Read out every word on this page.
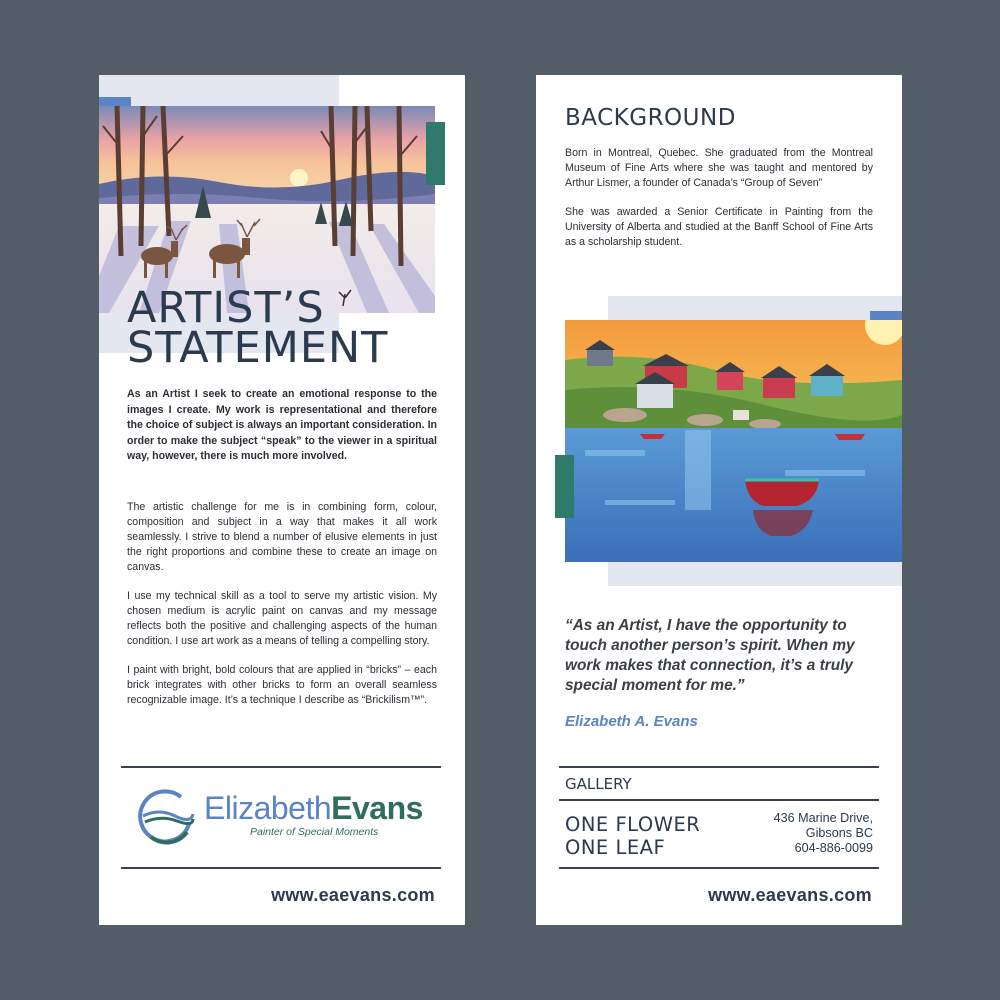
ARTIST’S
STATEMENT
As an Artist I seek to create an emotional response to the images I create. My work is representational and therefore the choice of subject is always an important consideration. In order to make the subject “speak” to the viewer in a spiritual way, however, there is much more involved.

The artistic challenge for me is in combining form, colour, composition and subject in a way that makes it all work seamlessly. I strive to blend a number of elusive elements in just the right proportions and combine these to create an image on canvas.

I use my technical skill as a tool to serve my artistic vision. My chosen medium is acrylic paint on canvas and my message reflects both the positive and challenging aspects of the human condition. I use art work as a means of telling a compelling story.

I paint with bright, bold colours that are applied in “bricks” – each brick integrates with other bricks to form an overall seamless recognizable image. It’s a technique I describe as “Brickilism™”.

ElizabethEvans
Painter of Special Moments
www.eaevans.com
BACKGROUND

Born in Montreal, Quebec. She graduated from the Montreal Museum of Fine Arts where she was taught and mentored by Arthur Lismer, a founder of Canada’s “Group of Seven”

She was awarded a Senior Certificate in Painting from the University of Alberta and studied at the Banff School of Fine Arts as a scholarship student.

“As an Artist, I have the opportunity to touch another person’s spirit. When my work makes that connection, it’s a truly special moment for me.”
Elizabeth A. Evans
GALLERY
ONE FLOWER
ONE LEAF
436 Marine Drive,
Gibsons BC
604-886-0099
www.eaevans.com
